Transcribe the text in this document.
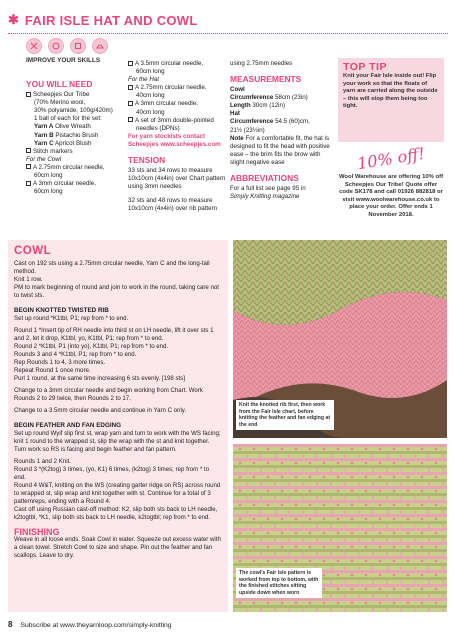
✱ FAIR ISLE HAT AND COWL
IMPROVE YOUR SKILLS
YOU WILL NEED
Scheepjes Our Tribe
(70% Merino wool,
30% polyamide, 100g/420m)
1 ball of each for the set:
Yarn A Olive Wreath
Yarn B Pistachio Brush
Yarn C Apricot Blush
Stitch markers
For the Cowl
A 2.75mm circular needle,
60cm long
A 3mm circular needle,
60cm long
A 3.5mm circular needle,
60cm long
For the Hat
A 2.75mm circular needle,
40cm long
A 3mm circular needle,
40cm long
A set of 3mm double-pointed
needles (DPNs)
For yarn stockists contact
Scheepjes www.scheepjes.com
TENSION
33 sts and 34 rows to measure 10x10cm (4x4in) over Chart pattern using 3mm needles
32 sts and 48 rows to measure 10x10cm (4x4in) over rib pattern
using 2.75mm needles
MEASUREMENTS
Cowl
Circumference 58cm (23in)
Length 30cm (12in)
Hat
Circumference 54.5 (60)cm,
21½ (23½in)
Note For a comfortable fit, the hat is designed to fit the head with positive ease – the brim fits the brow with slight negative ease
ABBREVIATIONS
For a full list see page 95 in
Simply Knitting magazine
TOP TIP
Knit your Fair Isle inside out! Flip your work so that the floats of yarn are carried along the outside – this will stop them being too tight.
10% off!
Wool Warehouse are offering 10% off Scheepjes Our Tribe! Quote offer code SK178 and call 01926 882818 or visit www.woolwarehouse.co.uk to place your order. Offer ends 1 November 2018.
COWL

Cast on 192 sts using a 2.75mm circular needle, Yarn C and the long-tail method.

Knit 1 row.
PM to mark beginning of round and join to work in the round, taking care not to twist sts.
BEGIN KNOTTED TWISTED RIB
Set up round *K1tbl, P1; rep from * to end.

Round 1 *Insert tip of RH needle into third st on LH needle, lift it over sts 1 and 2, let it drop, K1tbl, yo, K1tbl, P1; rep from * to end.

Round 2 *K1tbl, P1 (into yo), K1tbl, P1; rep from * to end.
Rounds 3 and 4 *K1tbl, P1; rep from * to end.
Rep Rounds 1 to 4, 3 more times.
Repeat Round 1 once more.
Purl 1 round, at the same time increasing 6 sts evenly. [198 sts]

Change to a 3mm circular needle and begin working from Chart. Work Rounds 2 to 29 twice, then Rounds 2 to 17.

Change to a 3.5mm circular needle and continue in Yarn C only.

BEGIN FEATHER AND FAN EDGING
Set up round Wyif slip first st, wrap yarn and turn to work with the WS facing; knit 1 round to the wrapped st, slip the wrap with the st and knit together. Turn work so RS is facing and begin feather and fan pattern.

Rounds 1 and 2 Knit.

Round 3 *(K2tog) 3 times, (yo, K1) 6 times, (k2tog) 3 times; rep from * to end.
Round 4 W&T, knitting on the WS (creating garter ridge on RS) across round to wrapped st, slip wrap and knit together with st. Continue for a total of 3 patternreps, ending with a Round 4.
Cast off using Russian cast-off method: K2, slip both sts back to LH needle, k2togtbl, *K1, slip both sts back to LH needle, k2togtbl; rep from * to end.
FINISHING
Weave in all loose ends. Soak Cowl in water. Squeeze out excess water with a clean towel. Stretch Cowl to size and shape. Pin out the feather and fan scallops. Leave to dry.
Knit the knotted rib first, then work from the Fair Isle chart, before knitting the feather and fan edging at the end
The cowl's Fair Isle pattern is worked from top to bottom, with the finished stitches sitting upside down when worn
8 Subscribe at www.theyarnloop.com/simply-knitting
